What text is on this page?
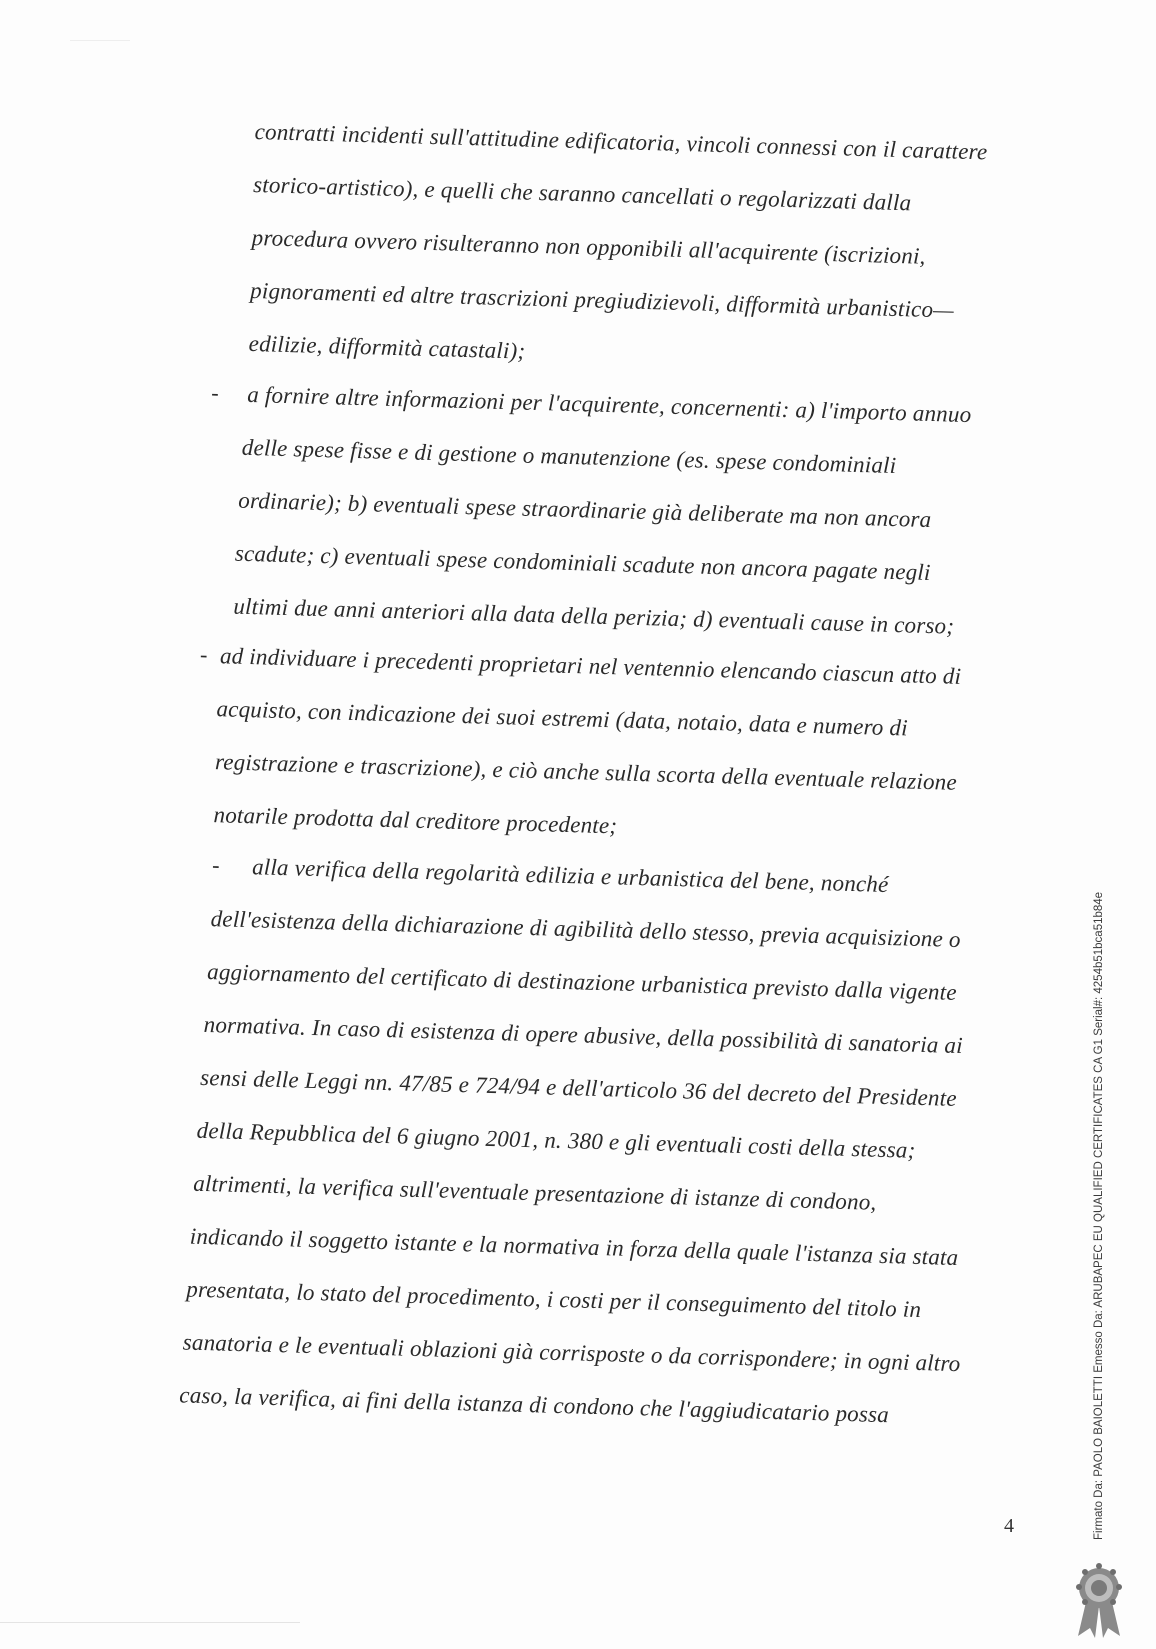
contratti incidenti sull'attitudine edificatoria, vincoli connessi con il carattere
storico-artistico), e quelli che saranno cancellati o regolarizzati dalla
procedura ovvero risulteranno non opponibili all'acquirente (iscrizioni,
pignoramenti ed altre trascrizioni pregiudizievoli, difformità urbanistico—
edilizie, difformità catastali);
- a fornire altre informazioni per l'acquirente, concernenti: a) l'importo annuo
delle spese fisse e di gestione o manutenzione (es. spese condominiali
ordinarie); b) eventuali spese straordinarie già deliberate ma non ancora
scadute; c) eventuali spese condominiali scadute non ancora pagate negli
ultimi due anni anteriori alla data della perizia; d) eventuali cause in corso;
- ad individuare i precedenti proprietari nel ventennio elencando ciascun atto di
acquisto, con indicazione dei suoi estremi (data, notaio, data e numero di
registrazione e trascrizione), e ciò anche sulla scorta della eventuale relazione
notarile prodotta dal creditore procedente;
- alla verifica della regolarità edilizia e urbanistica del bene, nonché
dell'esistenza della dichiarazione di agibilità dello stesso, previa acquisizione o
aggiornamento del certificato di destinazione urbanistica previsto dalla vigente
normativa. In caso di esistenza di opere abusive, della possibilità di sanatoria ai
sensi delle Leggi nn. 47/85 e 724/94 e dell'articolo 36 del decreto del Presidente
della Repubblica del 6 giugno 2001, n. 380 e gli eventuali costi della stessa;
altrimenti, la verifica sull'eventuale presentazione di istanze di condono,
indicando il soggetto istante e la normativa in forza della quale l'istanza sia stata
presentata, lo stato del procedimento, i costi per il conseguimento del titolo in
sanatoria e le eventuali oblazioni già corrisposte o da corrispondere; in ogni altro
caso, la verifica, ai fini della istanza di condono che l'aggiudicatario possa
4	Firmato Da: PAOLO BAIOLETTI Emesso Da: ARUBAPEC EU QUALIFIED CERTIFICATES CA G1 Serial#: 4254b51bca51b84e
